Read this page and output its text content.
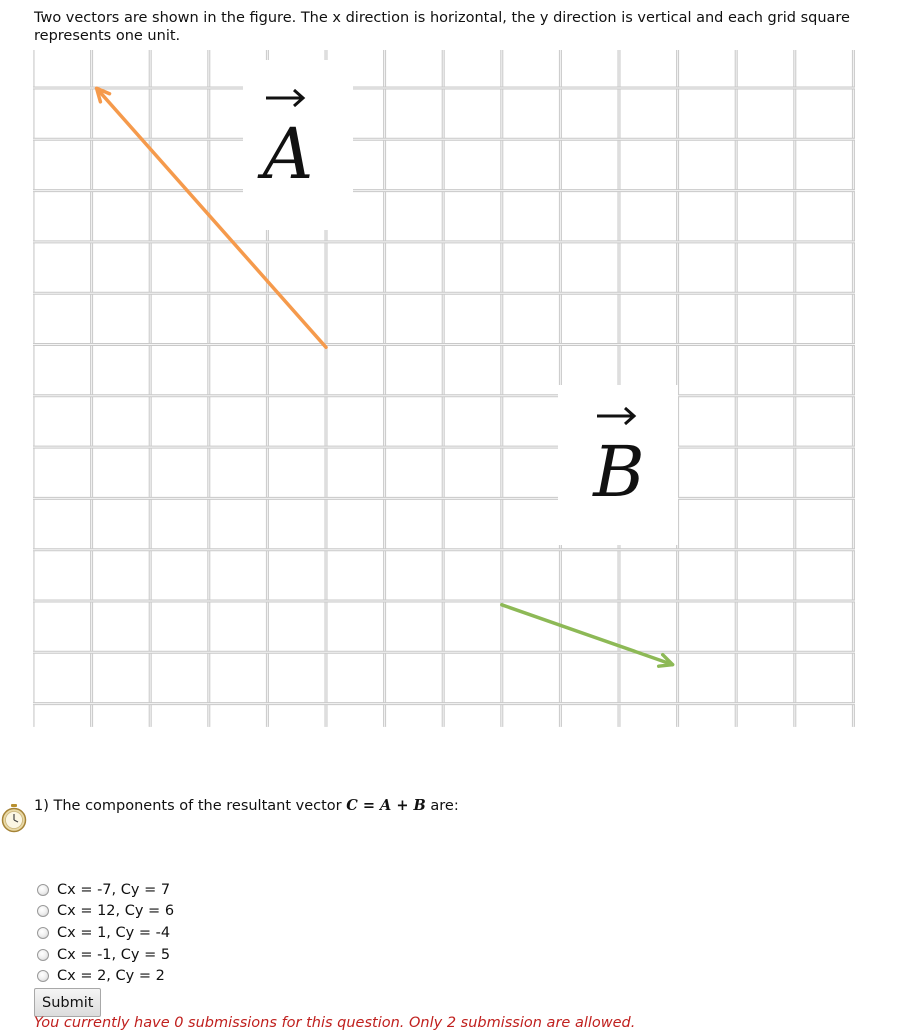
Two vectors are shown in the figure. The x direction is horizontal, the y direction is vertical and each grid square represents one unit.
A
B
1) The components of the resultant vector C = A + B are:
Cx = -7, Cy = 7
Cx = 12, Cy = 6
Cx = 1, Cy = -4
Cx = -1, Cy = 5
Cx = 2, Cy = 2
Submit
You currently have 0 submissions for this question. Only 2 submission are allowed.
